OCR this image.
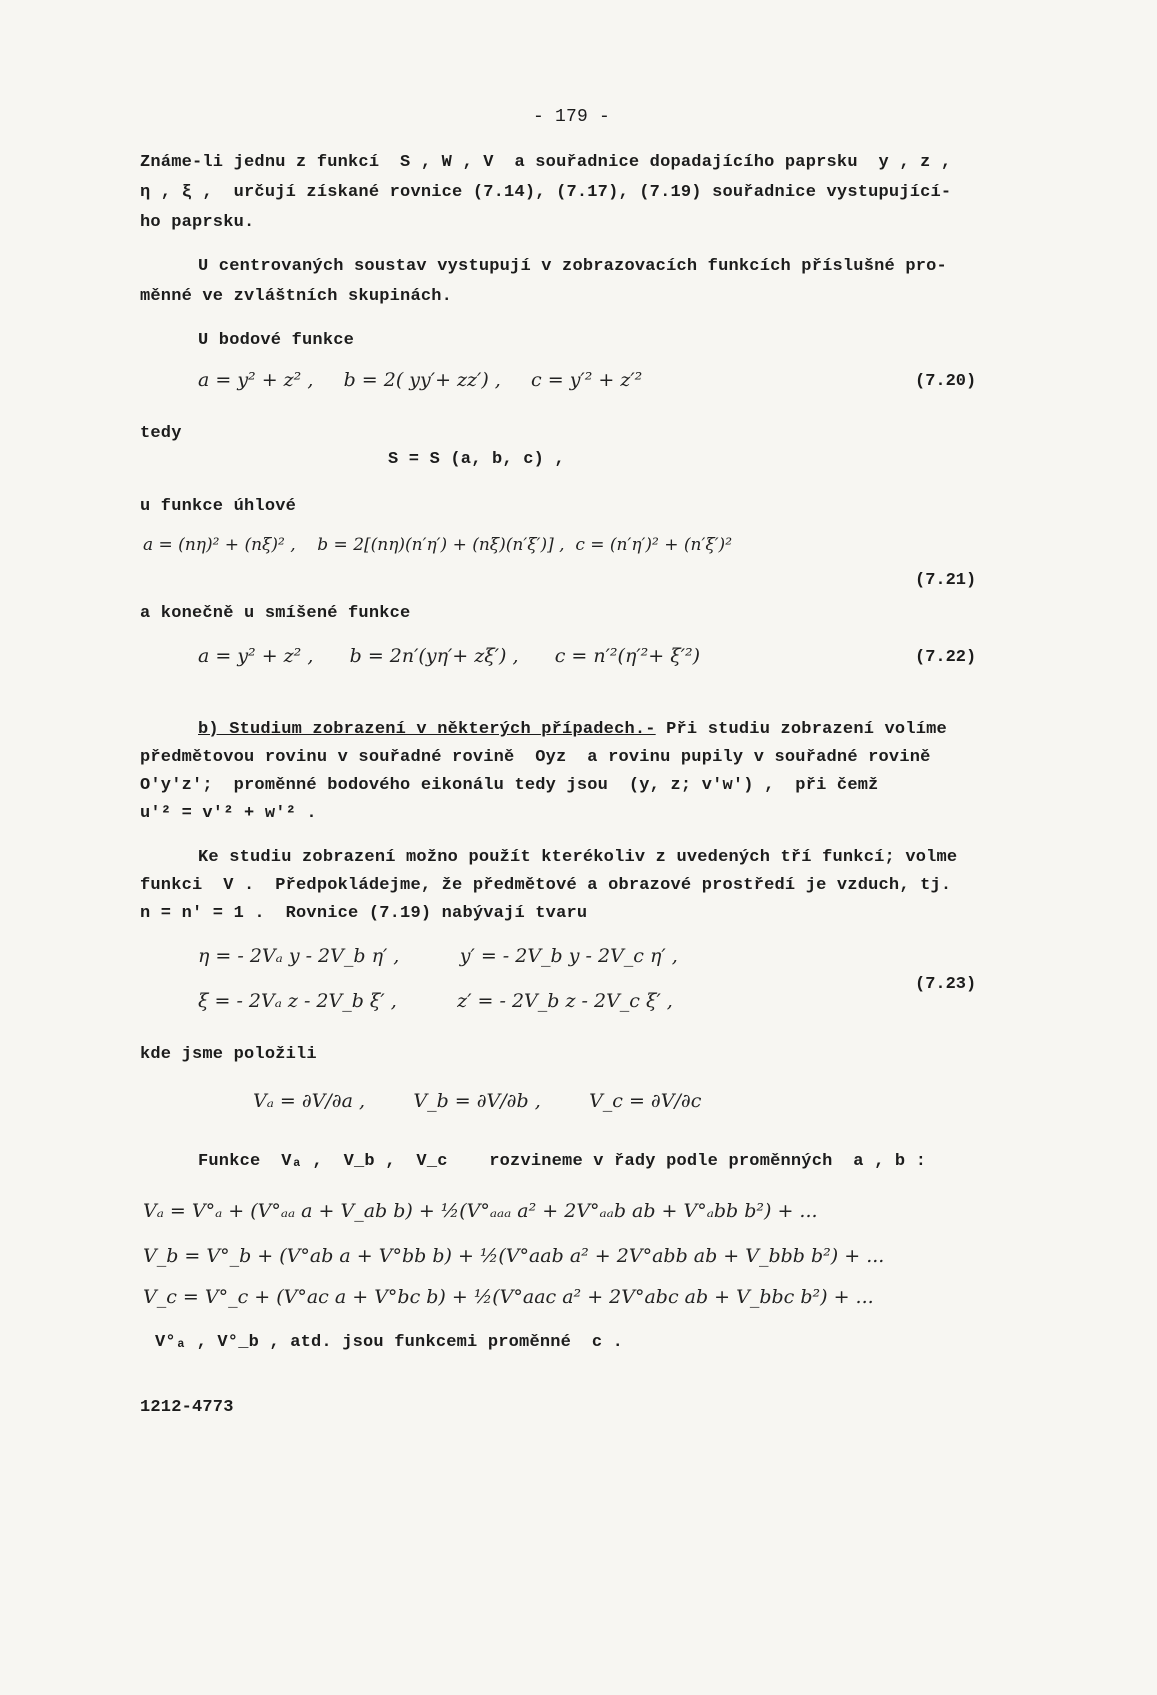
- 179 -
Známe-li jednu z funkcí  S , W , V  a souřadnice dopadajícího paprsku  y , z ,
η , ξ ,  určují získané rovnice (7.14), (7.17), (7.19) souřadnice vystupující-
ho paprsku.
U centrovaných soustav vystupují v zobrazovacích funkcích příslušné pro-
měnné ve zvláštních skupinách.
U bodové funkce
a = y² + z² ,     b = 2( yy′+ zz′) ,     c = y′² + z′²	(7.20)
tedy
S = S (a, b, c) ,
u funkce úhlové
a = (nη)² + (nξ)² ,    b = 2[(nη)(n′η′) + (nξ)(n′ξ′)] ,  c = (n′η′)² + (n′ξ′)²
(7.21)
a konečně u smíšené funkce
a = y² + z² ,      b = 2n′(yη′+ zξ′) ,      c = n′²(η′²+ ξ′²)	(7.22)
b) Studium zobrazení v některých případech.- Při studiu zobrazení volíme
předmětovou rovinu v souřadné rovině  Oyz  a rovinu pupily v souřadné rovině
O′y′z′;  proměnné bodového eikonálu tedy jsou  (y, z; v′w′) ,  při čemž
u′² = v′² + w′² .
Ke studiu zobrazení možno použít kterékoliv z uvedených tří funkcí; volme
funkci  V .  Předpokládejme, že předmětové a obrazové prostředí je vzduch, tj.
n = n′ = 1 .  Rovnice (7.19) nabývají tvaru
η = - 2Vₐ y - 2V_b η′ ,          y′ = - 2V_b y - 2V_c η′ ,
ξ = - 2Vₐ z - 2V_b ξ′ ,          z′ = - 2V_b z - 2V_c ξ′ ,
(7.23)
kde jsme položili
Vₐ = ∂V/∂a ,        V_b = ∂V/∂b ,        V_c = ∂V/∂c
Funkce  Vₐ ,  V_b ,  V_c    rozvineme v řady podle proměnných  a , b :
Vₐ = V°ₐ + (V°ₐₐ a + V_ab b) + ½(V°ₐₐₐ a² + 2V°ₐₐb ab + V°ₐbb b²) + ...
V_b = V°_b + (V°ab a + V°bb b) + ½(V°aab a² + 2V°abb ab + V_bbb b²) + ...
V_c = V°_c + (V°ac a + V°bc b) + ½(V°aac a² + 2V°abc ab + V_bbc b²) + ...
V°ₐ , V°_b , atd. jsou funkcemi proměnné  c .
1212-4773
